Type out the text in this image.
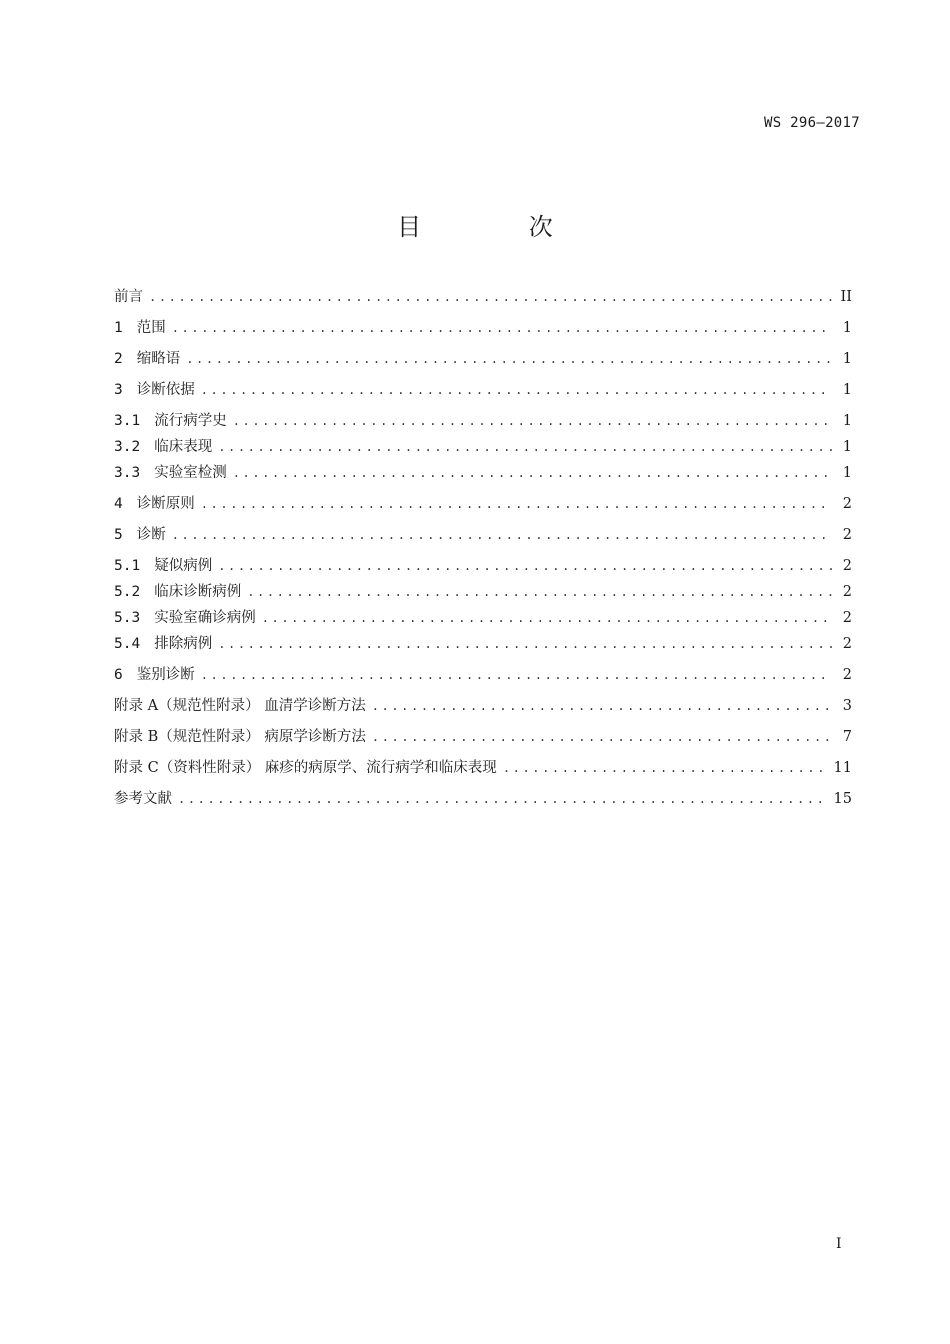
WS 296—2017
目 次
前言 .....	II
1 范围 .....	1
2 缩略语 .....	1
3 诊断依据 .....	1
3.1 流行病学史 .....	1
3.2 临床表现 .....	1
3.3 实验室检测 .....	1
4 诊断原则 .....	2
5 诊断 .....	2
5.1 疑似病例 .....	2
5.2 临床诊断病例 .....	2
5.3 实验室确诊病例 .....	2
5.4 排除病例 .....	2
6 鉴别诊断 .....	2
附录 A（规范性附录） 血清学诊断方法 .....	3
附录 B（规范性附录） 病原学诊断方法 .....	7
附录 C（资料性附录） 麻疹的病原学、流行病学和临床表现 .....	11
参考文献 .....	15
I
